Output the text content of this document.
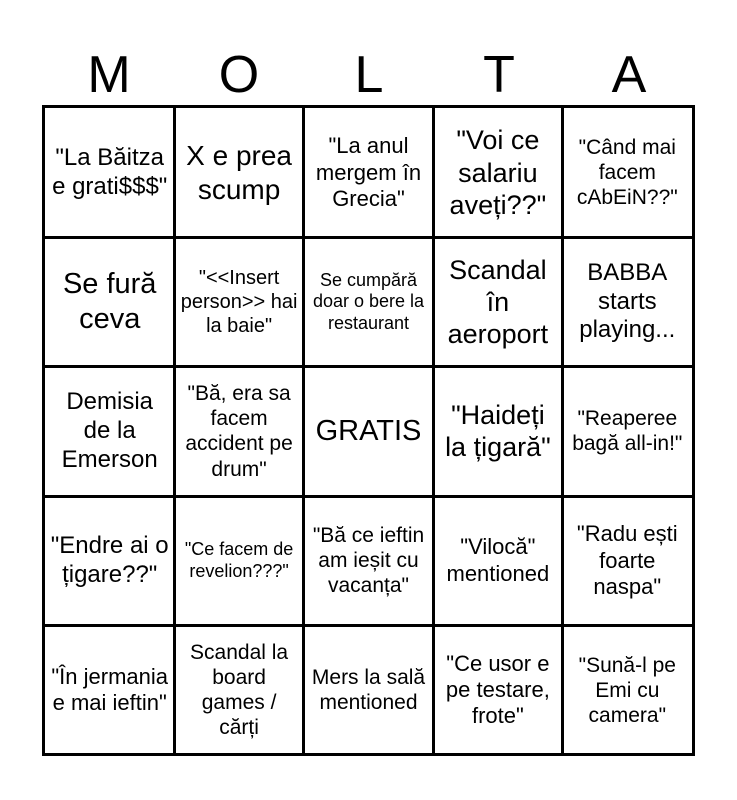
M	O	L	T	A
"La Băitza e grati$$$"
X e prea scump
"La anul mergem în Grecia"
"Voi ce salariu aveți??"
"Când mai facem cAbEiN??"
Se fură ceva
"<<Insert person>> hai la baie"
Se cumpără doar o bere la restaurant
Scandal în aeroport
BABBA starts playing...
Demisia de la Emerson
"Bă, era sa facem accident pe drum"
GRATIS	"Haideți la țigară"
"Reaperee bagă all-in!"
"Endre ai o țigare??"
"Ce facem de revelion???"
"Bă ce ieftin am ieșit cu vacanța"
"Vilocă" mentioned
"Radu ești foarte naspa"
"În jermania e mai ieftin"
Scandal la board games / cărți
Mers la sală mentioned
"Ce usor e pe testare, frote"
"Sună-l pe Emi cu camera"
